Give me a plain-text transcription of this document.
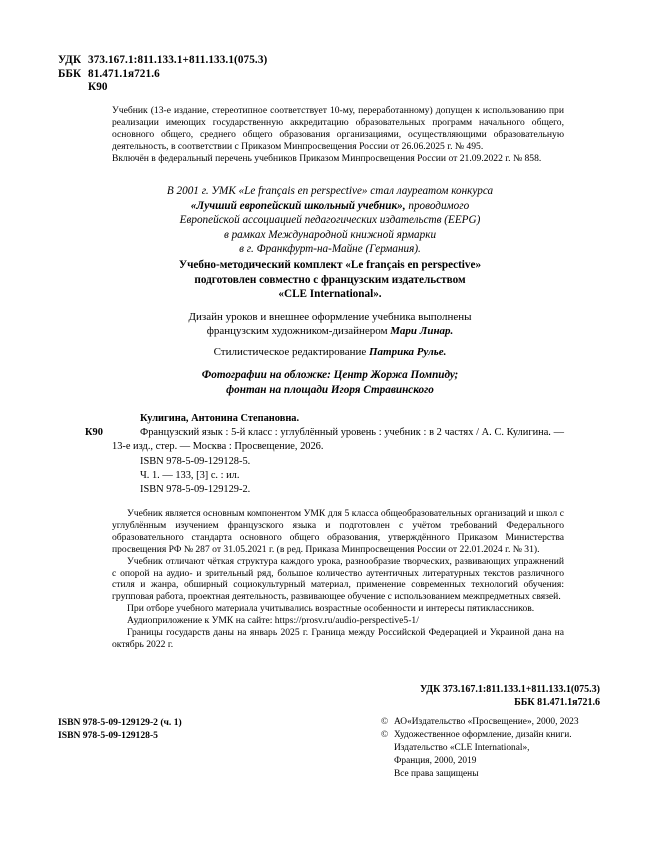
УДК 373.167.1:811.133.1+811.133.1(075.3)
ББК 81.471.1я721.6
К90

Учебник (13-е издание, стереотипное соответствует 10-му, переработанному) допущен к использованию при реализации имеющих государственную аккредитацию образовательных программ начального общего, основного общего, среднего общего образования организациями, осуществляющими образовательную деятельность, в соответствии с Приказом Минпросвещения России от 26.06.2025 г. № 495.

Включён в федеральный перечень учебников Приказом Минпросвещения России от 21.09.2022 г. № 858.

В 2001 г. УМК «Le français en perspective» стал лауреатом конкурса
«Лучший европейский школьный учебник», проводимого
Европейской ассоциацией педагогических издательств (EEPG)
в рамках Международной книжной ярмарки
в г. Франкфурт-на-Майне (Германия).
Учебно-методический комплект «Le français en perspective»
подготовлен совместно с французским издательством
«CLE International».
Дизайн уроков и внешнее оформление учебника выполнены
французским художником-дизайнером Мари Линар.
Стилистическое редактирование Патрика Рулье.
Фотографии на обложке: Центр Жоржа Помпиду;
фонтан на площади Игоря Стравинского
Кулигина, Антонина Степановна.
К90	Французский язык : 5-й класс : углублённый уровень : учебник : в 2 частях / А. С. Кулигина. — 13-е изд., стер. — Москва : Просвещение, 2026.
ISBN 978-5-09-129128-5.
Ч. 1. — 133, [3] с. : ил.
ISBN 978-5-09-129129-2.

Учебник является основным компонентом УМК для 5 класса общеобразовательных организаций и школ с углублённым изучением французского языка и подготовлен с учётом требований Федерального образовательного стандарта основного общего образования, утверждённого Приказом Министерства просвещения РФ № 287 от 31.05.2021 г. (в ред. Приказа Минпросвещения России от 22.01.2024 г. № 31).

Учебник отличают чёткая структура каждого урока, разнообразие творческих, развивающих упражнений с опорой на аудио- и зрительный ряд, большое количество аутентичных литературных текстов различного стиля и жанра, обширный социокультурный материал, применение современных технологий обучения: групповая работа, проектная деятельность, развивающее обучение с использованием межпредметных связей.

При отборе учебного материала учитывались возрастные особенности и интересы пятиклассников.

Аудиоприложение к УМК на сайте: https://prosv.ru/audio-perspective5-1/

Границы государств даны на январь 2025 г. Граница между Российской Федерацией и Украиной дана на октябрь 2022 г.

УДК 373.167.1:811.133.1+811.133.1(075.3)
ББК 81.471.1я721.6
ISBN 978-5-09-129129-2 (ч. 1)
ISBN 978-5-09-129128-5
© АО«Издательство «Просвещение», 2000, 2023
© Художественное оформление, дизайн книги.
Издательство «CLE International»,
Франция, 2000, 2019
Все права защищены
